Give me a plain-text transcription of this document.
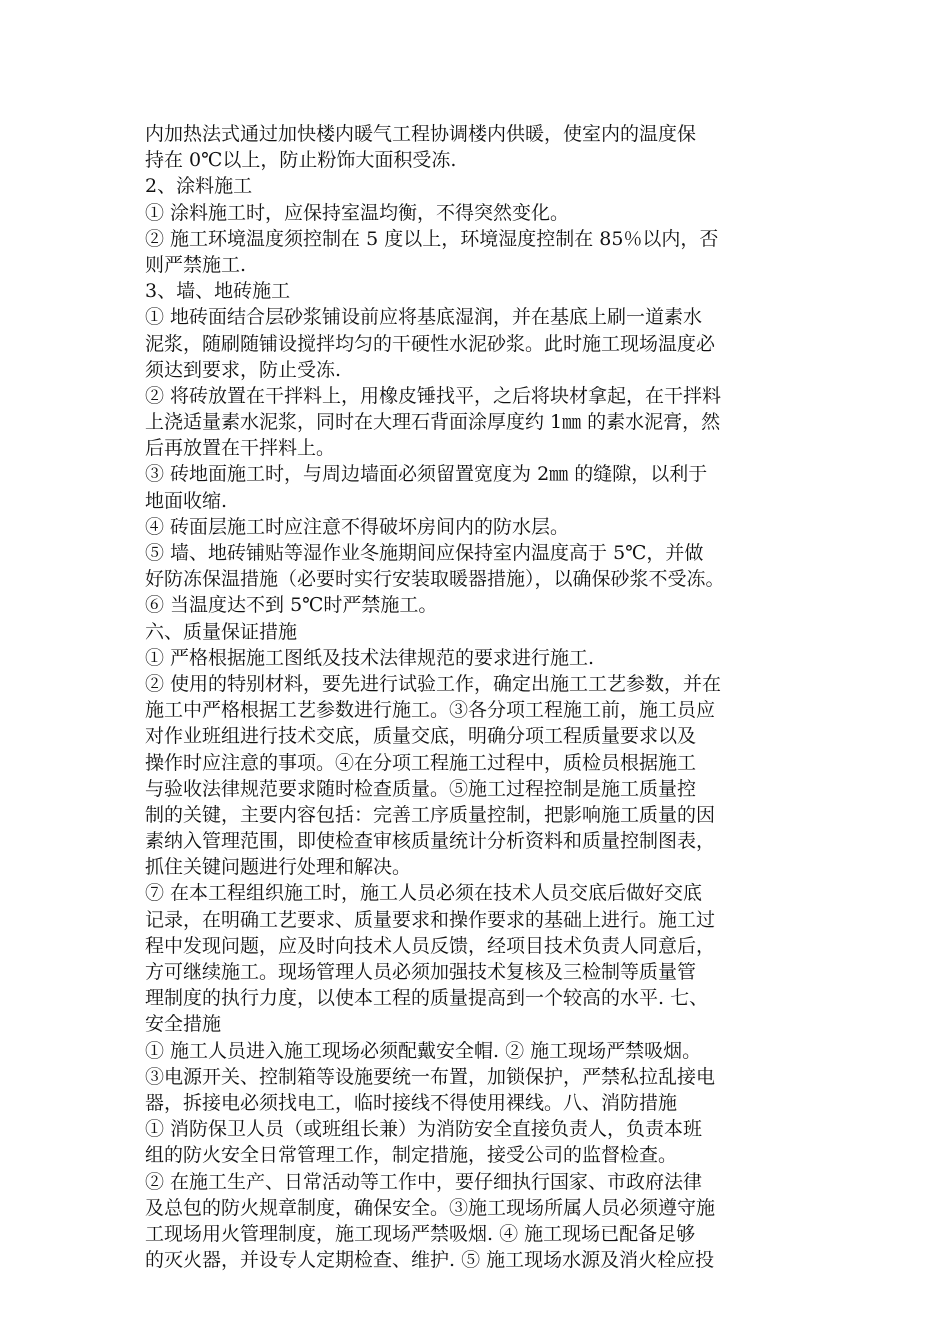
内加热法式通过加快楼内暖气工程协调楼内供暖，使室内的温度保
持在 0℃以上，防止粉饰大面积受冻.
2、涂料施工
① 涂料施工时，应保持室温均衡，不得突然变化。
② 施工环境温度须控制在 5 度以上，环境湿度控制在 85％以内，否
则严禁施工.
3、墙、地砖施工
① 地砖面结合层砂浆铺设前应将基底湿润，并在基底上刷一道素水
泥浆，随刷随铺设搅拌均匀的干硬性水泥砂浆。此时施工现场温度必
须达到要求，防止受冻.
② 将砖放置在干拌料上，用橡皮锤找平，之后将块材拿起，在干拌料
上浇适量素水泥浆，同时在大理石背面涂厚度约 1㎜ 的素水泥膏，然
后再放置在干拌料上。
③ 砖地面施工时，与周边墙面必须留置宽度为 2㎜ 的缝隙，以利于
地面收缩.
④ 砖面层施工时应注意不得破坏房间内的防水层。
⑤ 墙、地砖铺贴等湿作业冬施期间应保持室内温度高于 5℃，并做
好防冻保温措施（必要时实行安装取暖器措施），以确保砂浆不受冻。
⑥ 当温度达不到 5℃时严禁施工。
六、质量保证措施
① 严格根据施工图纸及技术法律规范的要求进行施工.
② 使用的特别材料，要先进行试验工作，确定出施工工艺参数，并在
施工中严格根据工艺参数进行施工。③各分项工程施工前，施工员应
对作业班组进行技术交底，质量交底，明确分项工程质量要求以及
操作时应注意的事项。④在分项工程施工过程中，质检员根据施工
与验收法律规范要求随时检查质量。⑤施工过程控制是施工质量控
制的关键，主要内容包括：完善工序质量控制，把影响施工质量的因
素纳入管理范围，即使检查审核质量统计分析资料和质量控制图表，
抓住关键问题进行处理和解决。
⑦ 在本工程组织施工时，施工人员必须在技术人员交底后做好交底
记录，在明确工艺要求、质量要求和操作要求的基础上进行。施工过
程中发现问题，应及时向技术人员反馈，经项目技术负责人同意后，
方可继续施工。现场管理人员必须加强技术复核及三检制等质量管
理制度的执行力度，以使本工程的质量提高到一个较高的水平. 七、
安全措施
① 施工人员进入施工现场必须配戴安全帽. ② 施工现场严禁吸烟。
③电源开关、控制箱等设施要统一布置，加锁保护，严禁私拉乱接电
器，拆接电必须找电工，临时接线不得使用裸线。八、消防措施
① 消防保卫人员（或班组长兼）为消防安全直接负责人，负责本班
组的防火安全日常管理工作，制定措施，接受公司的监督检查。
② 在施工生产、日常活动等工作中，要仔细执行国家、市政府法律
及总包的防火规章制度，确保安全。③施工现场所属人员必须遵守施
工现场用火管理制度，施工现场严禁吸烟. ④ 施工现场已配备足够
的灭火器，并设专人定期检查、维护. ⑤ 施工现场水源及消火栓应投
